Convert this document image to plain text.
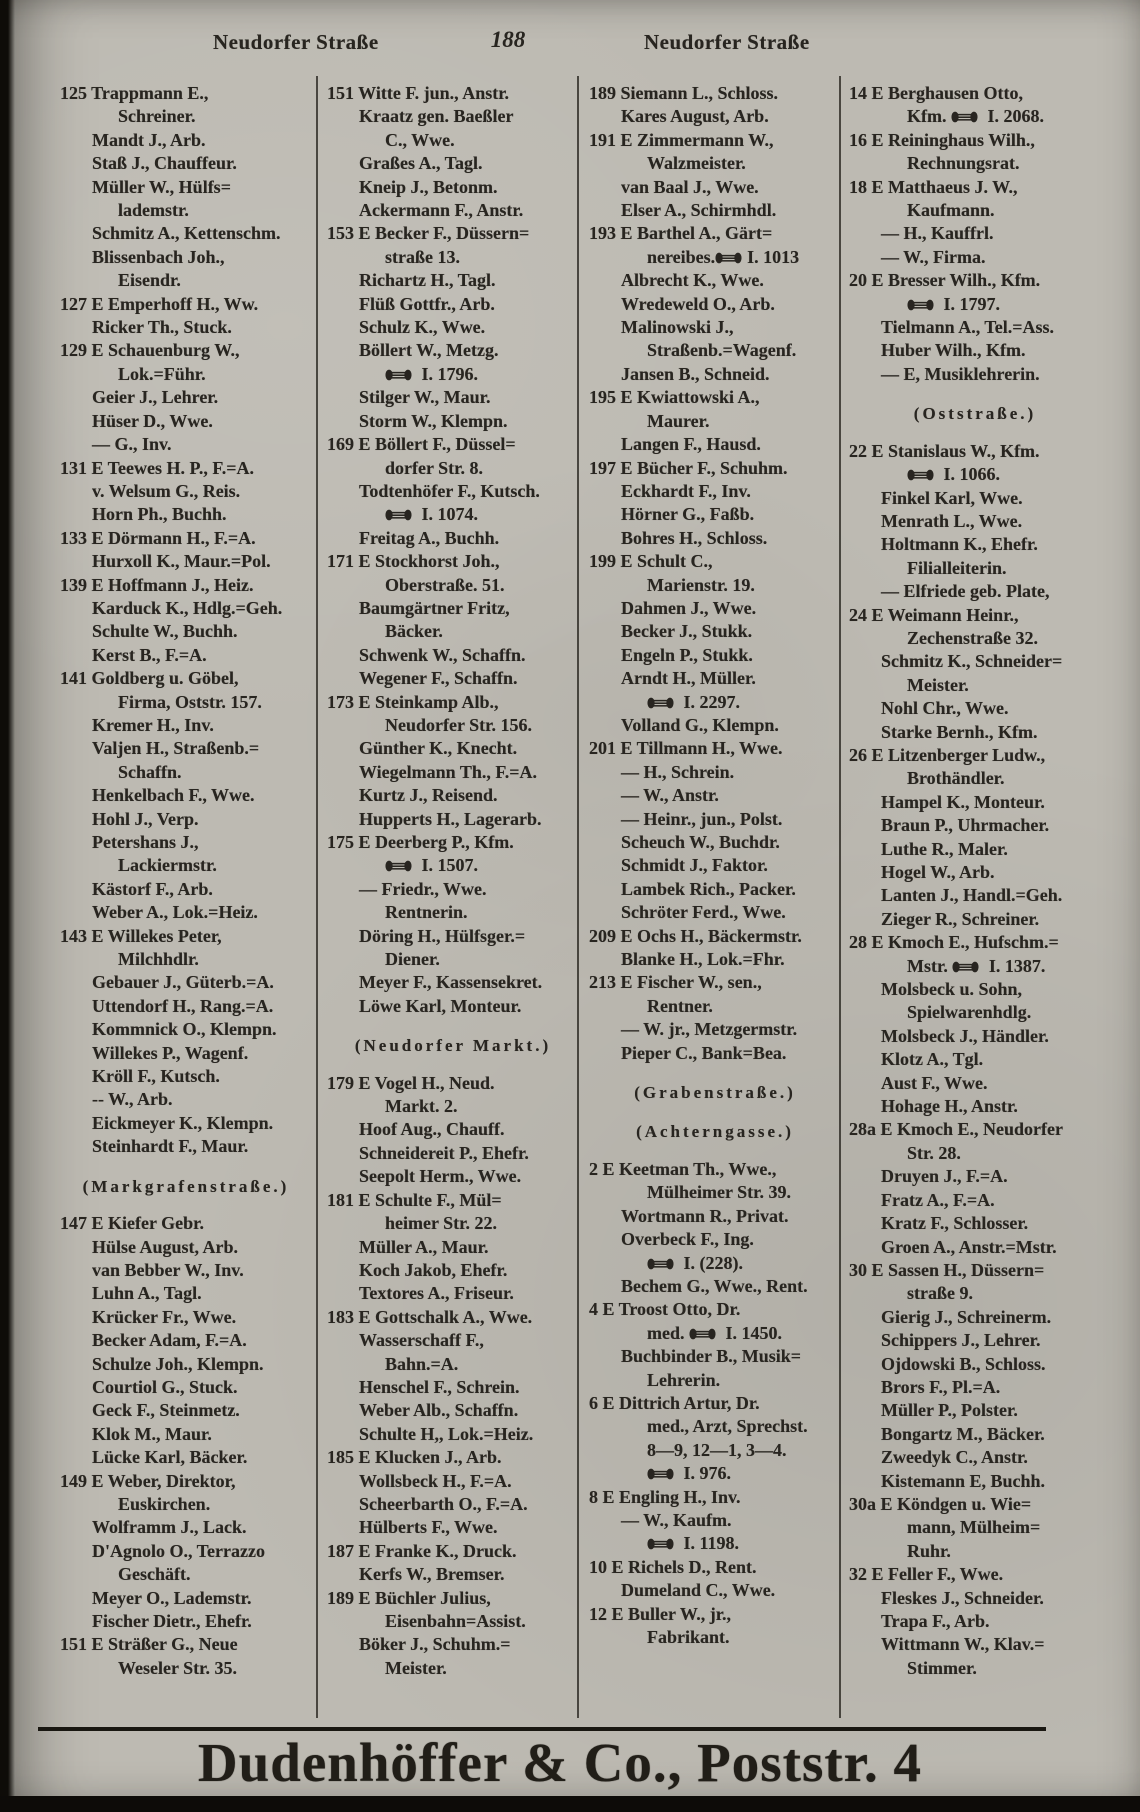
Neudorfer Straße	188	Neudorfer Straße
125 Trappmann E.,
Schreiner.
Mandt J., Arb.
Staß J., Chauffeur.
Müller W., Hülfs=
lademstr.
Schmitz A., Kettenschm.
Blissenbach Joh.,
Eisendr.
127 E Emperhoff H., Ww.
Ricker Th., Stuck.
129 E Schauenburg W.,
Lok.=Führ.
Geier J., Lehrer.
Hüser D., Wwe.
— G., Inv.
131 E Teewes H. P., F.=A.
v. Welsum G., Reis.
Horn Ph., Buchh.
133 E Dörmann H., F.=A.
Hurxoll K., Maur.=Pol.
139 E Hoffmann J., Heiz.
Karduck K., Hdlg.=Geh.
Schulte W., Buchh.
Kerst B., F.=A.
141 Goldberg u. Göbel,
Firma, Oststr. 157.
Kremer H., Inv.
Valjen H., Straßenb.=
Schaffn.
Henkelbach F., Wwe.
Hohl J., Verp.
Petershans J.,
Lackiermstr.
Kästorf F., Arb.
Weber A., Lok.=Heiz.
143 E Willekes Peter,
Milchhdlr.
Gebauer J., Güterb.=A.
Uttendorf H., Rang.=A.
Kommnick O., Klempn.
Willekes P., Wagenf.
Kröll F., Kutsch.
-- W., Arb.
Eickmeyer K., Klempn.
Steinhardt F., Maur.
(Markgrafenstraße.)
147 E Kiefer Gebr.
Hülse August, Arb.
van Bebber W., Inv.
Luhn A., Tagl.
Krücker Fr., Wwe.
Becker Adam, F.=A.
Schulze Joh., Klempn.
Courtiol G., Stuck.
Geck F., Steinmetz.
Klok M., Maur.
Lücke Karl, Bäcker.
149 E Weber, Direktor,
Euskirchen.
Wolframm J., Lack.
D'Agnolo O., Terrazzo
Geschäft.
Meyer O., Lademstr.
Fischer Dietr., Ehefr.
151 E Sträßer G., Neue
Weseler Str. 35.
151 Witte F. jun., Anstr.
Kraatz gen. Baeßler
C., Wwe.
Graßes A., Tagl.
Kneip J., Betonm.
Ackermann F., Anstr.
153 E Becker F., Düssern=
straße 13.
Richartz H., Tagl.
Flüß Gottfr., Arb.
Schulz K., Wwe.
Böllert W., Metzg.
I. 1796.
Stilger W., Maur.
Storm W., Klempn.
169 E Böllert F., Düssel=
dorfer Str. 8.
Todtenhöfer F., Kutsch.
I. 1074.
Freitag A., Buchh.
171 E Stockhorst Joh.,
Oberstraße. 51.
Baumgärtner Fritz,
Bäcker.
Schwenk W., Schaffn.
Wegener F., Schaffn.
173 E Steinkamp Alb.,
Neudorfer Str. 156.
Günther K., Knecht.
Wiegelmann Th., F.=A.
Kurtz J., Reisend.
Hupperts H., Lagerarb.
175 E Deerberg P., Kfm.
I. 1507.
— Friedr., Wwe.
Rentnerin.
Döring H., Hülfsger.=
Diener.
Meyer F., Kassensekret.
Löwe Karl, Monteur.
(Neudorfer Markt.)
179 E Vogel H., Neud.
Markt. 2.
Hoof Aug., Chauff.
Schneidereit P., Ehefr.
Seepolt Herm., Wwe.
181 E Schulte F., Mül=
heimer Str. 22.
Müller A., Maur.
Koch Jakob, Ehefr.
Textores A., Friseur.
183 E Gottschalk A., Wwe.
Wasserschaff F.,
Bahn.=A.
Henschel F., Schrein.
Weber Alb., Schaffn.
Schulte H,, Lok.=Heiz.
185 E Klucken J., Arb.
Wollsbeck H., F.=A.
Scheerbarth O., F.=A.
Hülberts F., Wwe.
187 E Franke K., Druck.
Kerfs W., Bremser.
189 E Büchler Julius,
Eisenbahn=Assist.
Böker J., Schuhm.=
Meister.
189 Siemann L., Schloss.
Kares August, Arb.
191 E Zimmermann W.,
Walzmeister.
van Baal J., Wwe.
Elser A., Schirmhdl.
193 E Barthel A., Gärt=
nereibes. I. 1013
Albrecht K., Wwe.
Wredeweld O., Arb.
Malinowski J.,
Straßenb.=Wagenf.
Jansen B., Schneid.
195 E Kwiattowski A.,
Maurer.
Langen F., Hausd.
197 E Bücher F., Schuhm.
Eckhardt F., Inv.
Hörner G., Faßb.
Bohres H., Schloss.
199 E Schult C.,
Marienstr. 19.
Dahmen J., Wwe.
Becker J., Stukk.
Engeln P., Stukk.
Arndt H., Müller.
I. 2297.
Volland G., Klempn.
201 E Tillmann H., Wwe.
— H., Schrein.
— W., Anstr.
— Heinr., jun., Polst.
Scheuch W., Buchdr.
Schmidt J., Faktor.
Lambek Rich., Packer.
Schröter Ferd., Wwe.
209 E Ochs H., Bäckermstr.
Blanke H., Lok.=Fhr.
213 E Fischer W., sen.,
Rentner.
— W. jr., Metzgermstr.
Pieper C., Bank=Bea.
(Grabenstraße.)
(Achterngasse.)
2 E Keetman Th., Wwe.,
Mülheimer Str. 39.
Wortmann R., Privat.
Overbeck F., Ing.
I. (228).
Bechem G., Wwe., Rent.
4 E Troost Otto, Dr.
med.
I. 1450.
Buchbinder B., Musik=
Lehrerin.
6 E Dittrich Artur, Dr.
med., Arzt, Sprechst.
8—9, 12—1, 3—4.
I. 976.
8 E Engling H., Inv.
— W., Kaufm.
I. 1198.
10 E Richels D., Rent.
Dumeland C., Wwe.
12 E Buller W., jr.,
Fabrikant.
14 E Berghausen Otto,
Kfm.
I. 2068.
16 E Reininghaus Wilh.,
Rechnungsrat.
18 E Matthaeus J. W.,
Kaufmann.
— H., Kauffrl.
— W., Firma.
20 E Bresser Wilh., Kfm.
I. 1797.
Tielmann A., Tel.=Ass.
Huber Wilh., Kfm.
— E, Musiklehrerin.
(Oststraße.)
22 E Stanislaus W., Kfm.
I. 1066.
Finkel Karl, Wwe.
Menrath L., Wwe.
Holtmann K., Ehefr.
Filialleiterin.
— Elfriede geb. Plate,
24 E Weimann Heinr.,
Zechenstraße 32.
Schmitz K., Schneider=
Meister.
Nohl Chr., Wwe.
Starke Bernh., Kfm.
26 E Litzenberger Ludw.,
Brothändler.
Hampel K., Monteur.
Braun P., Uhrmacher.
Luthe R., Maler.
Hogel W., Arb.
Lanten J., Handl.=Geh.
Zieger R., Schreiner.
28 E Kmoch E., Hufschm.=
Mstr.
I. 1387.
Molsbeck u. Sohn,
Spielwarenhdlg.
Molsbeck J., Händler.
Klotz A., Tgl.
Aust F., Wwe.
Hohage H., Anstr.
28a E Kmoch E., Neudorfer
Str. 28.
Druyen J., F.=A.
Fratz A., F.=A.
Kratz F., Schlosser.
Groen A., Anstr.=Mstr.
30 E Sassen H., Düssern=
straße 9.
Gierig J., Schreinerm.
Schippers J., Lehrer.
Ojdowski B., Schloss.
Brors F., Pl.=A.
Müller P., Polster.
Bongartz M., Bäcker.
Zweedyk C., Anstr.
Kistemann E, Buchh.
30a E Köndgen u. Wie=
mann, Mülheim=
Ruhr.
32 E Feller F., Wwe.
Fleskes J., Schneider.
Trapa F., Arb.
Wittmann W., Klav.=
Stimmer.
Dudenhöffer & Co., Poststr. 4
